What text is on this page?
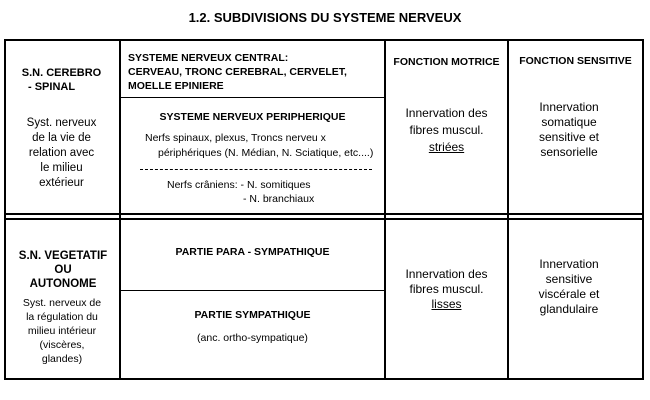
1.2. SUBDIVISIONS DU SYSTEME NERVEUX
S.N. CEREBRO
- SPINAL
Syst. nerveux
de la vie de
relation avec
le milieu
extérieur
SYSTEME NERVEUX CENTRAL:
CERVEAU, TRONC CEREBRAL, CERVELET,
MOELLE EPINIERE
SYSTEME NERVEUX PERIPHERIQUE
Nerfs spinaux, plexus, Troncs nerveu x
périphériques (N. Médian, N. Sciatique, etc....)
Nerfs crâniens: - N. somitiques
- N. branchiaux
FONCTION MOTRICE	FONCTION SENSITIVE
Innervation des
fibres muscul.
striées
Innervation
somatique
sensitive et
sensorielle
S.N. VEGETATIF
OU
AUTONOME
Syst. nerveux de
la régulation du
milieu intérieur
(viscères,
glandes)
PARTIE PARA - SYMPATHIQUE
PARTIE SYMPATHIQUE
(anc. ortho-sympatique)
Innervation des
fibres muscul.
lisses
Innervation
sensitive
viscérale et
glandulaire
